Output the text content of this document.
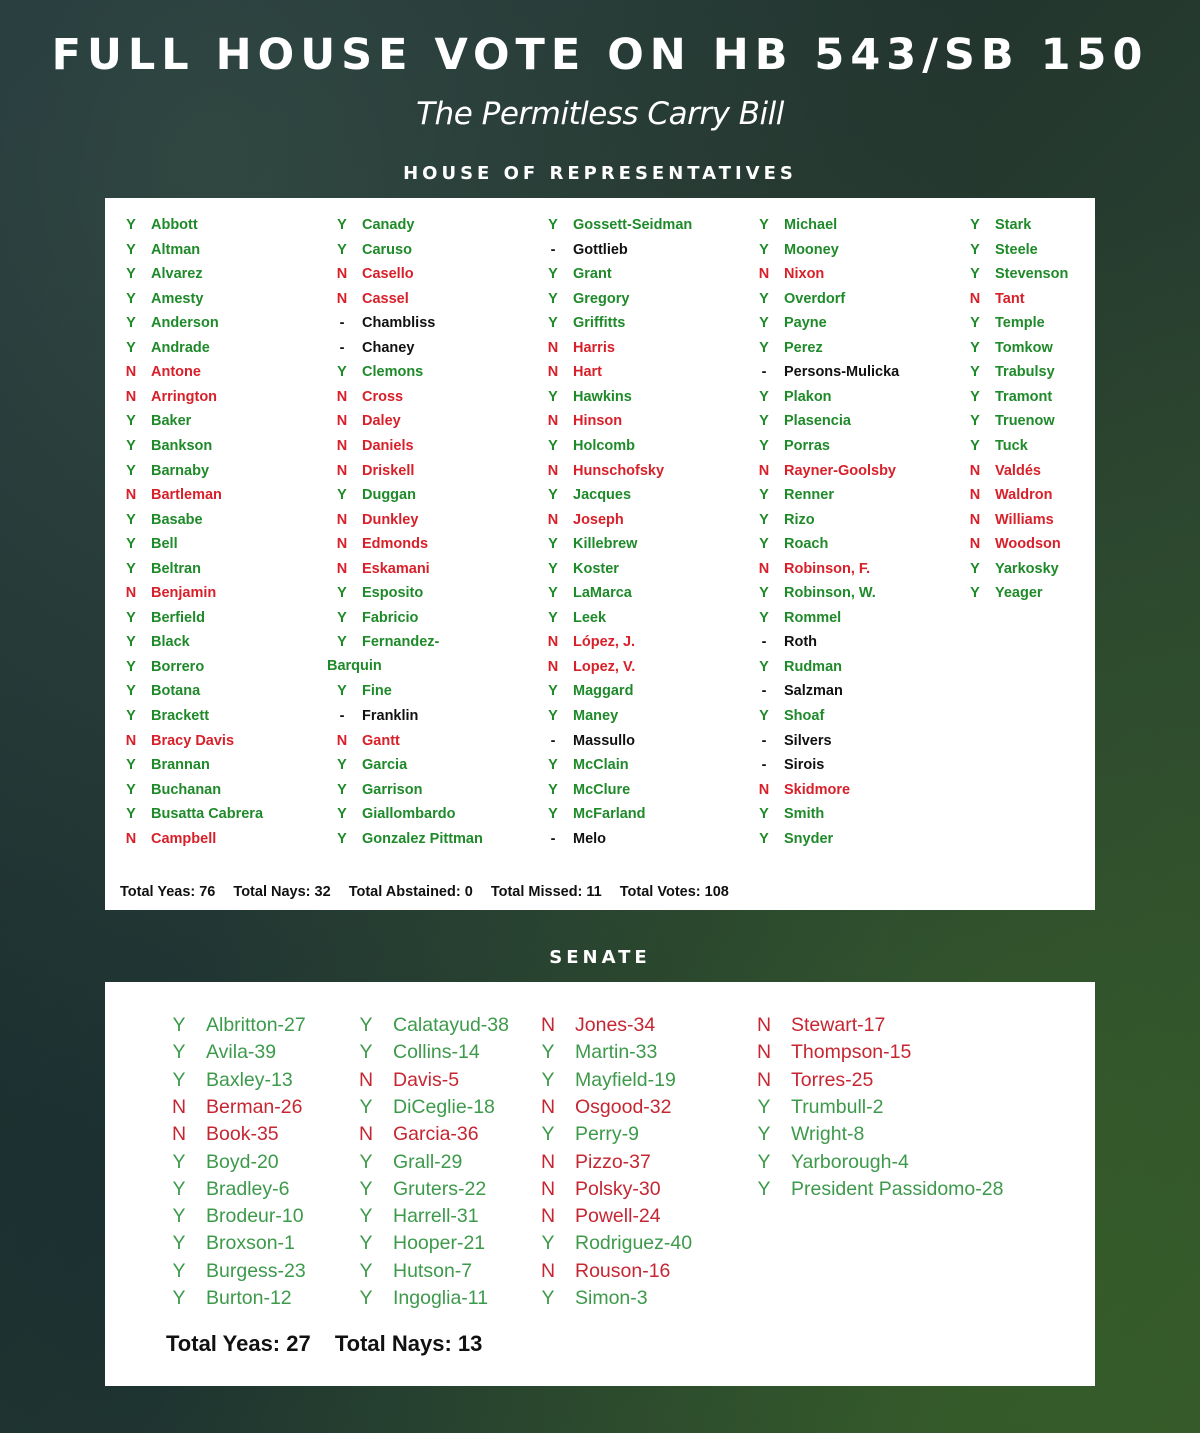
FULL HOUSE VOTE ON HB 543/SB 150
The Permitless Carry Bill
HOUSE OF REPRESENTATIVES
Total Yeas: 76 Total Nays: 32 Total Abstained: 0 Total Missed: 11 Total Votes: 108
Y Abbott
Y Altman
Y Alvarez
Y Amesty
Y Anderson
Y Andrade
N Antone
N Arrington
Y Baker
Y Bankson
Y Barnaby
N Bartleman
Y Basabe
Y Bell
Y Beltran
N Benjamin
Y Berfield
Y Black
Y Borrero
Y Botana
Y Brackett
N Bracy Davis
Y Brannan
Y Buchanan
Y Busatta Cabrera
N Campbell
Y Canady
Y Caruso
N Casello
N Cassel
-	Chambliss
-	Chaney
Y Clemons
N Cross
N Daley
N Daniels
N Driskell
Y Duggan
N Dunkley
N Edmonds
N Eskamani
Y Esposito
Y Fabricio
Y Fernandez-
Barquin
Y Fine
-	Franklin
N Gantt
Y Garcia
Y Garrison
Y Giallombardo
Y Gonzalez Pittman
Y Gossett-Seidman
-	Gottlieb
Y Grant
Y Gregory
Y Griffitts
N Harris
N Hart
Y Hawkins
N Hinson
Y Holcomb
N Hunschofsky
Y Jacques
N Joseph
Y Killebrew
Y Koster
Y LaMarca
Y Leek
N López, J.
N Lopez, V.
Y Maggard
Y Maney
-	Massullo
Y McClain
Y McClure
Y McFarland
-	Melo
Y Michael
Y Mooney
N Nixon
Y Overdorf
Y Payne
Y Perez
-	Persons-Mulicka
Y Plakon
Y Plasencia
Y Porras
N Rayner-Goolsby
Y Renner
Y Rizo
Y Roach
N Robinson, F.
Y Robinson, W.
Y Rommel
-	Roth
Y Rudman
-	Salzman
Y Shoaf
-	Silvers
-	Sirois
N Skidmore
Y Smith
Y Snyder
Y Stark
Y Steele
Y Stevenson
N Tant
Y Temple
Y Tomkow
Y Trabulsy
Y Tramont
Y Truenow
Y Tuck
N Valdés
N Waldron
N Williams
N Woodson
Y Yarkosky
Y Yeager
SENATE
Total Yeas: 27 Total Nays: 13
Y Albritton-27
Y Avila-39
Y Baxley-13
N Berman-26
N Book-35
Y Boyd-20
Y Bradley-6
Y Brodeur-10
Y Broxson-1
Y Burgess-23
Y Burton-12
Y Calatayud-38
Y Collins-14
N Davis-5
Y DiCeglie-18
N Garcia-36
Y Grall-29
Y Gruters-22
Y Harrell-31
Y Hooper-21
Y Hutson-7
Y Ingoglia-11
N Jones-34
Y Martin-33
Y Mayfield-19
N Osgood-32
Y Perry-9
N Pizzo-37
N Polsky-30
N Powell-24
Y Rodriguez-40
N Rouson-16
Y Simon-3
N Stewart-17
N Thompson-15
N Torres-25
Y Trumbull-2
Y Wright-8
Y Yarborough-4
Y President Passidomo-28
